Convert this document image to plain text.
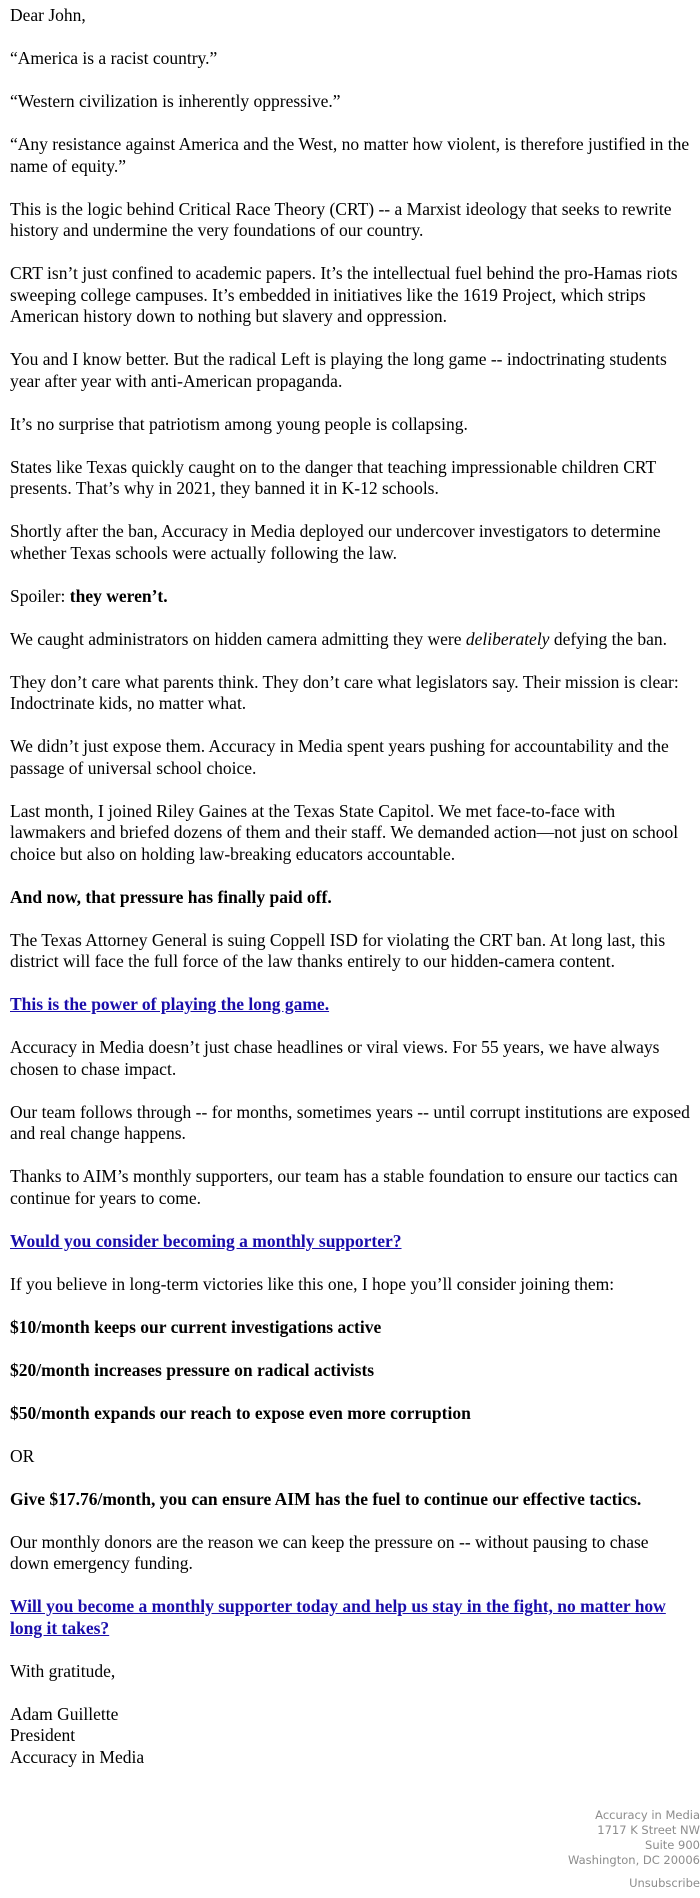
Dear John,

“America is a racist country.”

“Western civilization is inherently oppressive.”

“Any resistance against America and the West, no matter how violent, is therefore justified in the name of equity.”

This is the logic behind Critical Race Theory (CRT) -- a Marxist ideology that seeks to rewrite history and undermine the very foundations of our country.

CRT isn’t just confined to academic papers. It’s the intellectual fuel behind the pro-Hamas riots sweeping college campuses. It’s embedded in initiatives like the 1619 Project, which strips American history down to nothing but slavery and oppression.

You and I know better. But the radical Left is playing the long game -- indoctrinating students year after year with anti-American propaganda.

It’s no surprise that patriotism among young people is collapsing.

States like Texas quickly caught on to the danger that teaching impressionable children CRT presents. That’s why in 2021, they banned it in K-12 schools.

Shortly after the ban, Accuracy in Media deployed our undercover investigators to determine whether Texas schools were actually following the law.

Spoiler: they weren’t.

We caught administrators on hidden camera admitting they were deliberately defying the ban.

They don’t care what parents think. They don’t care what legislators say. Their mission is clear: Indoctrinate kids, no matter what.

We didn’t just expose them. Accuracy in Media spent years pushing for accountability and the passage of universal school choice.

Last month, I joined Riley Gaines at the Texas State Capitol. We met face-to-face with lawmakers and briefed dozens of them and their staff. We demanded action—not just on school choice but also on holding law-breaking educators accountable.

And now, that pressure has finally paid off.

The Texas Attorney General is suing Coppell ISD for violating the CRT ban. At long last, this district will face the full force of the law thanks entirely to our hidden-camera content.

This is the power of playing the long game.

Accuracy in Media doesn’t just chase headlines or viral views. For 55 years, we have always chosen to chase impact.

Our team follows through -- for months, sometimes years -- until corrupt institutions are exposed and real change happens.

Thanks to AIM’s monthly supporters, our team has a stable foundation to ensure our tactics can continue for years to come.

Would you consider becoming a monthly supporter?

If you believe in long-term victories like this one, I hope you’ll consider joining them:

$10/month keeps our current investigations active

$20/month increases pressure on radical activists

$50/month expands our reach to expose even more corruption

OR

Give $17.76/month, you can ensure AIM has the fuel to continue our effective tactics.

Our monthly donors are the reason we can keep the pressure on -- without pausing to chase down emergency funding.

Will you become a monthly supporter today and help us stay in the fight, no matter how long it takes?

With gratitude,

Adam Guillette
President
Accuracy in Media

Accuracy in Media
1717 K Street NW
Suite 900
Washington, DC 20006
Unsubscribe
